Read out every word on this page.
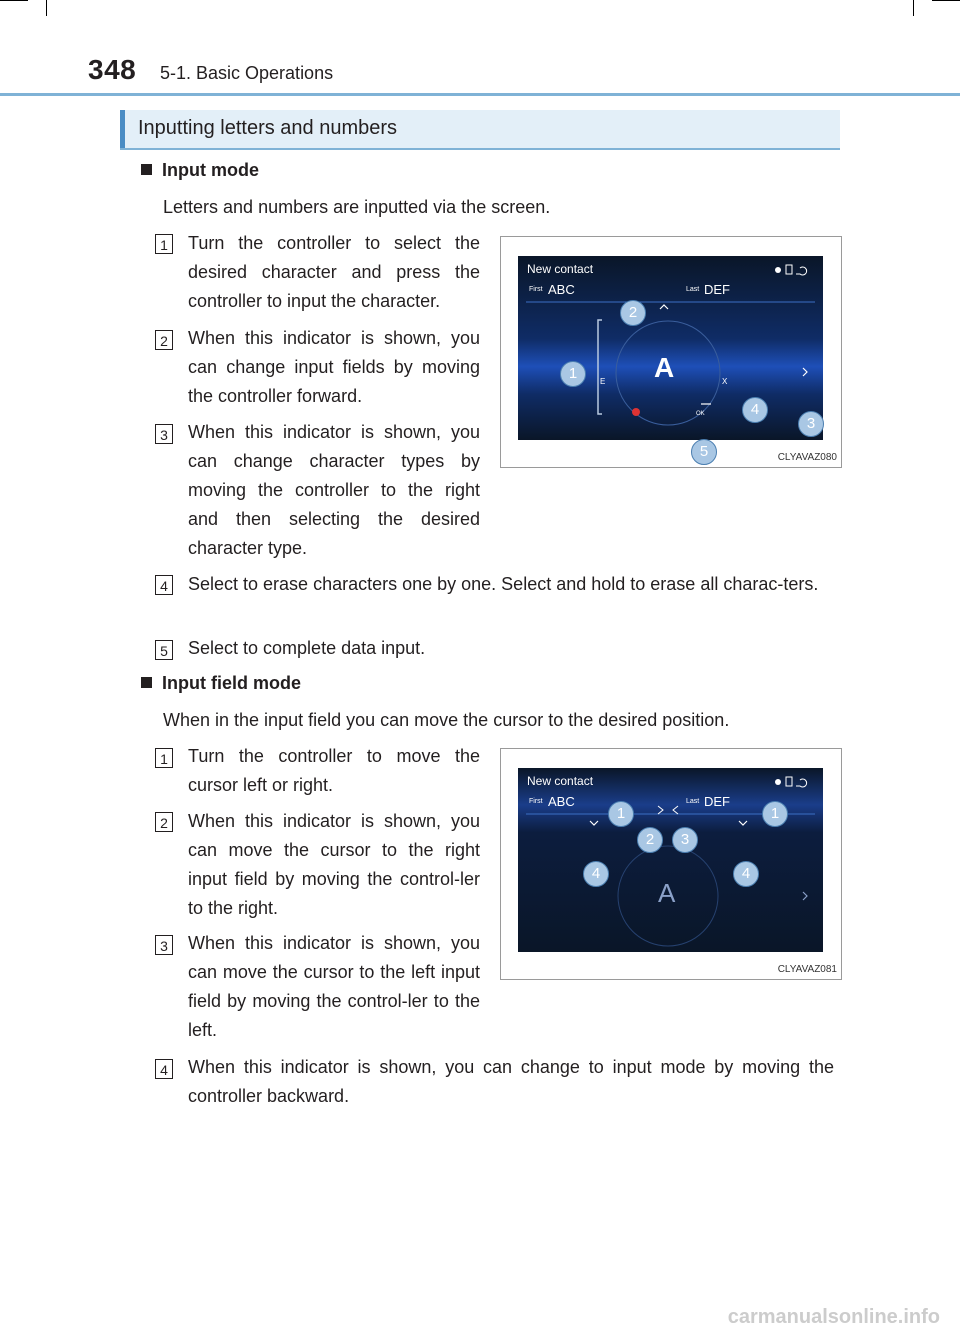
348 5-1. Basic Operations
Inputting letters and numbers
Input mode
Letters and numbers are inputted via the screen.
1 Turn the controller to select the desired character and press the controller to input the character.
2 When this indicator is shown, you can change input fields by moving the controller forward.
3 When this indicator is shown, you can change character types by moving the controller to the right and then selecting the desired character type.
4 Select to erase characters one by one. Select and hold to erase all charac-ters.
5 Select to complete data input.
E	X
New contact
First ABC	Last DEF
A
OK
1
2
3
4
5	CLYAVAZ080
Input field mode
When in the input field you can move the cursor to the desired position.
1 Turn the controller to move the cursor left or right.
2 When this indicator is shown, you can move the cursor to the right input field by moving the control-ler to the right.
3 When this indicator is shown, you can move the cursor to the left input field by moving the control-ler to the left.
4 When this indicator is shown, you can change to input mode by moving the controller backward.
New contact
First ABC	Last DEF
A
1	1
2	3
4	4
CLYAVAZ081
carmanualsonline.info
